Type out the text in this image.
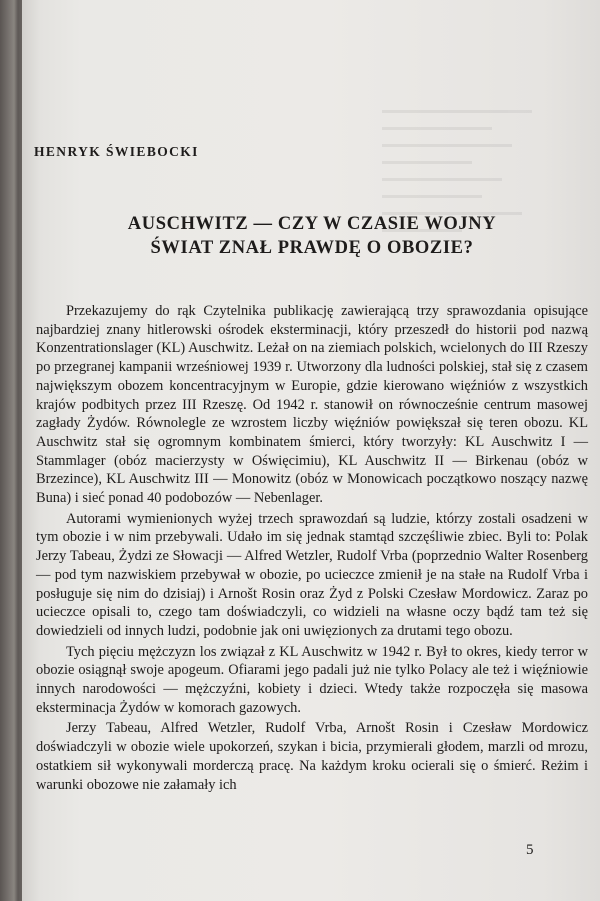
HENRYK ŚWIEBOCKI
AUSCHWITZ — CZY W CZASIE WOJNY
ŚWIAT ZNAŁ PRAWDĘ O OBOZIE?

Przekazujemy do rąk Czytelnika publikację zawierającą trzy sprawozdania opisujące najbardziej znany hitlerowski ośrodek eksterminacji, który przeszedł do historii pod nazwą Konzentrationslager (KL) Auschwitz. Leżał on na ziemiach polskich, wcielonych do III Rzeszy po przegranej kampanii wrześniowej 1939 r. Utworzony dla ludności polskiej, stał się z czasem największym obozem koncentracyjnym w Europie, gdzie kierowano więźniów z wszystkich krajów podbitych przez III Rzeszę. Od 1942 r. stanowił on równocześnie centrum masowej zagłady Żydów. Równolegle ze wzrostem liczby więźniów powiększał się teren obozu. KL Auschwitz stał się ogromnym kombinatem śmierci, który tworzyły: KL Auschwitz I — Stammlager (obóz macierzysty w Oświęcimiu), KL Auschwitz II — Birkenau (obóz w Brzezince), KL Auschwitz III — Monowitz (obóz w Monowicach początkowo noszący nazwę Buna) i sieć ponad 40 podobozów — Nebenlager.

Autorami wymienionych wyżej trzech sprawozdań są ludzie, którzy zostali osadzeni w tym obozie i w nim przebywali. Udało im się jednak stamtąd szczęśliwie zbiec. Byli to: Polak Jerzy Tabeau, Żydzi ze Słowacji — Alfred Wetzler, Rudolf Vrba (poprzednio Walter Rosenberg — pod tym nazwiskiem przebywał w obozie, po ucieczce zmienił je na stałe na Rudolf Vrba i posługuje się nim do dzisiaj) i Arnošt Rosin oraz Żyd z Polski Czesław Mordowicz. Zaraz po ucieczce opisali to, czego tam doświadczyli, co widzieli na własne oczy bądź tam też się dowiedzieli od innych ludzi, podobnie jak oni uwięzionych za drutami tego obozu.

Tych pięciu mężczyzn los związał z KL Auschwitz w 1942 r. Był to okres, kiedy terror w obozie osiągnął swoje apogeum. Ofiarami jego padali już nie tylko Polacy ale też i więźniowie innych narodowości — mężczyźni, kobiety i dzieci. Wtedy także rozpoczęła się masowa eksterminacja Żydów w komorach gazowych.

Jerzy Tabeau, Alfred Wetzler, Rudolf Vrba, Arnošt Rosin i Czesław Mordowicz doświadczyli w obozie wiele upokorzeń, szykan i bicia, przymierali głodem, marzli od mrozu, ostatkiem sił wykonywali morderczą pracę. Na każdym kroku ocierali się o śmierć. Reżim i warunki obozowe nie załamały ich

5
